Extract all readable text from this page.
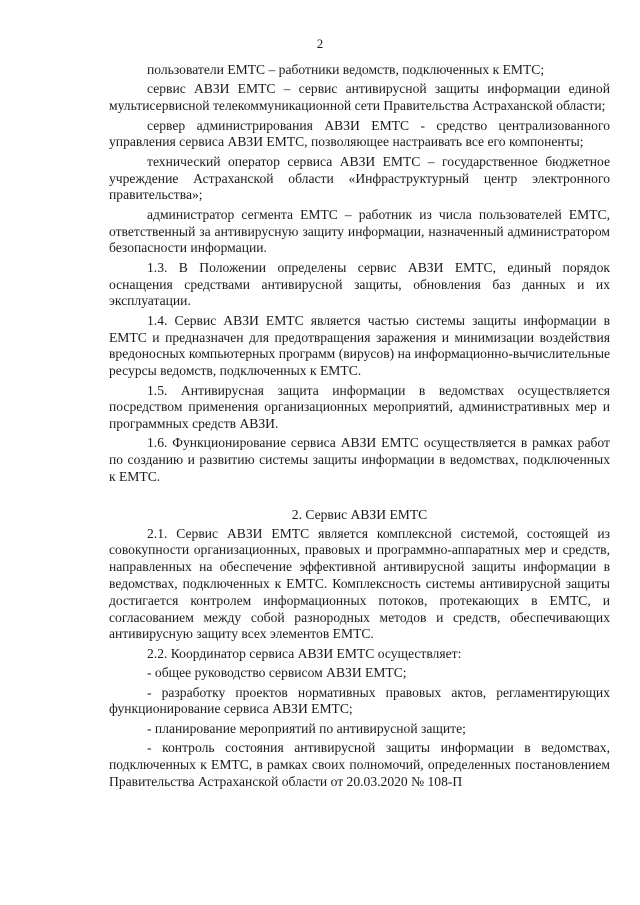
2

пользователи ЕМТС – работники ведомств, подключенных к ЕМТС;

сервис АВЗИ ЕМТС – сервис антивирусной защиты информации единой мультисервисной телекоммуникационной сети Правительства Астраханской области;

сервер администрирования АВЗИ ЕМТС - средство централизованного управления сервиса АВЗИ ЕМТС, позволяющее настраивать все его компоненты;

технический оператор сервиса АВЗИ ЕМТС – государственное бюджетное учреждение Астраханской области «Инфраструктурный центр электронного правительства»;

администратор сегмента ЕМТС – работник из числа пользователей ЕМТС, ответственный за антивирусную защиту информации, назначенный администратором безопасности информации.

1.3. В Положении определены сервис АВЗИ ЕМТС, единый порядок оснащения средствами антивирусной защиты, обновления баз данных и их эксплуатации.

1.4. Сервис АВЗИ ЕМТС является частью системы защиты информации в ЕМТС и предназначен для предотвращения заражения и минимизации воздействия вредоносных компьютерных программ (вирусов) на информационно-вычислительные ресурсы ведомств, подключенных к ЕМТС.

1.5. Антивирусная защита информации в ведомствах осуществляется посредством применения организационных мероприятий, административных мер и программных средств АВЗИ.

1.6. Функционирование сервиса АВЗИ ЕМТС осуществляется в рамках работ по созданию и развитию системы защиты информации в ведомствах, подключенных к ЕМТС.

2. Сервис АВЗИ ЕМТС

2.1. Сервис АВЗИ ЕМТС является комплексной системой, состоящей из совокупности организационных, правовых и программно-аппаратных мер и средств, направленных на обеспечение эффективной антивирусной защиты информации в ведомствах, подключенных к ЕМТС. Комплексность системы антивирусной защиты достигается контролем информационных потоков, протекающих в ЕМТС, и согласованием между собой разнородных методов и средств, обеспечивающих антивирусную защиту всех элементов ЕМТС.

2.2. Координатор сервиса АВЗИ ЕМТС осуществляет:

- общее руководство сервисом АВЗИ ЕМТС;

- разработку проектов нормативных правовых актов, регламентирующих функционирование сервиса АВЗИ ЕМТС;

- планирование мероприятий по антивирусной защите;

- контроль состояния антивирусной защиты информации в ведомствах, подключенных к ЕМТС, в рамках своих полномочий, определенных постановлением Правительства Астраханской области от 20.03.2020 № 108-П
